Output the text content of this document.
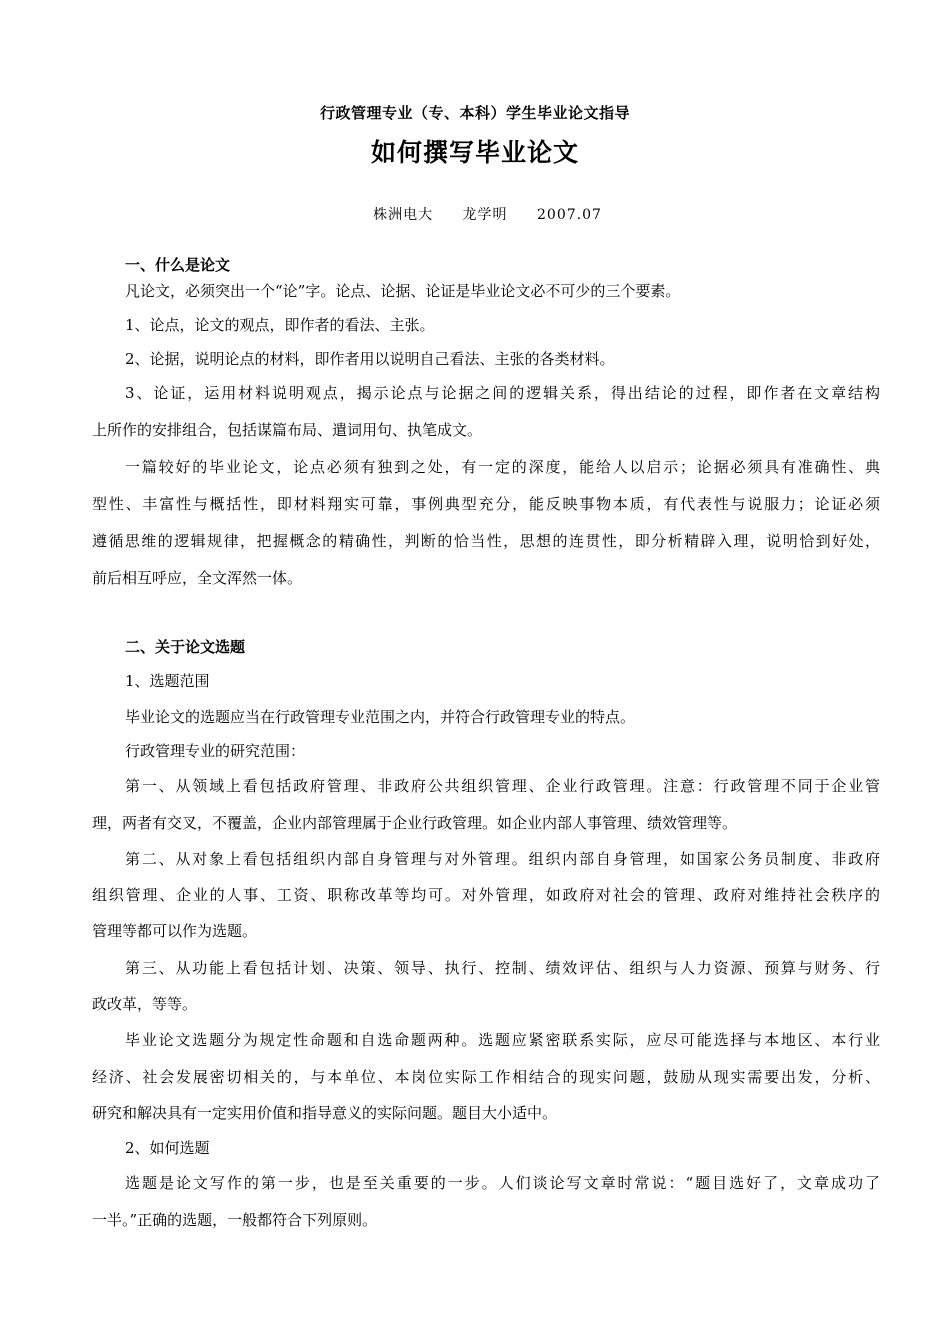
行政管理专业（专、本科）学生毕业论文指导
如何撰写毕业论文
株洲电大 龙学明 2007.07
一、什么是论文
凡论文，必须突出一个“论”字。论点、论据、论证是毕业论文必不可少的三个要素。
1、论点，论文的观点，即作者的看法、主张。
2、论据，说明论点的材料，即作者用以说明自己看法、主张的各类材料。
3、论证，运用材料说明观点，揭示论点与论据之间的逻辑关系，得出结论的过程，即作者在文章结构
上所作的安排组合，包括谋篇布局、遣词用句、执笔成文。
一篇较好的毕业论文，论点必须有独到之处，有一定的深度，能给人以启示；论据必须具有准确性、典
型性、丰富性与概括性，即材料翔实可靠，事例典型充分，能反映事物本质，有代表性与说服力；论证必须
遵循思维的逻辑规律，把握概念的精确性，判断的恰当性，思想的连贯性，即分析精辟入理，说明恰到好处，
前后相互呼应，全文浑然一体。
二、关于论文选题
1、选题范围
毕业论文的选题应当在行政管理专业范围之内，并符合行政管理专业的特点。
行政管理专业的研究范围：
第一、从领域上看包括政府管理、非政府公共组织管理、企业行政管理。注意：行政管理不同于企业管
理，两者有交叉，不覆盖，企业内部管理属于企业行政管理。如企业内部人事管理、绩效管理等。
第二、从对象上看包括组织内部自身管理与对外管理。组织内部自身管理，如国家公务员制度、非政府
组织管理、企业的人事、工资、职称改革等均可。对外管理，如政府对社会的管理、政府对维持社会秩序的
管理等都可以作为选题。
第三、从功能上看包括计划、决策、领导、执行、控制、绩效评估、组织与人力资源、预算与财务、行
政改革，等等。
毕业论文选题分为规定性命题和自选命题两种。选题应紧密联系实际，应尽可能选择与本地区、本行业
经济、社会发展密切相关的，与本单位、本岗位实际工作相结合的现实问题，鼓励从现实需要出发，分析、
研究和解决具有一定实用价值和指导意义的实际问题。题目大小适中。
2、如何选题
选题是论文写作的第一步，也是至关重要的一步。人们谈论写文章时常说：“题目选好了，文章成功了
一半。”正确的选题，一般都符合下列原则。
